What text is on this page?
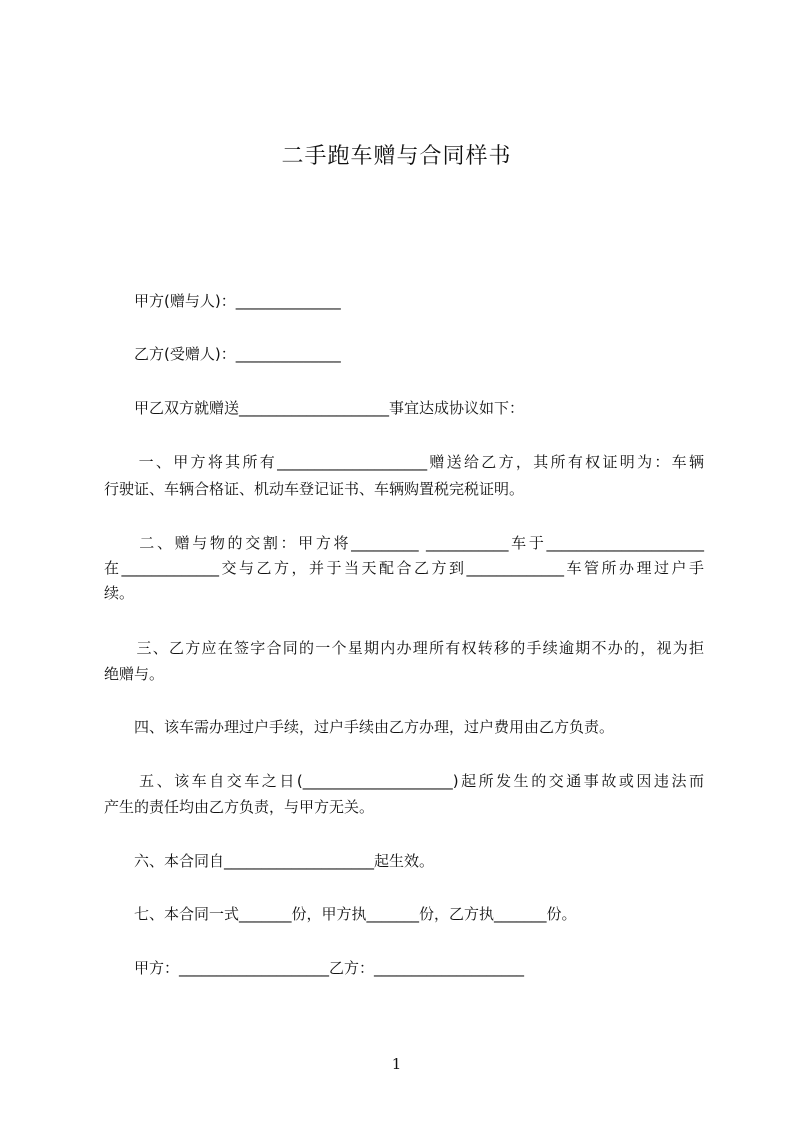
二手跑车赠与合同样书
　　甲方(赠与人)：______________
　　乙方(受赠人)：______________
　　甲乙双方就赠送____________________事宜达成协议如下：
　　一、甲方将其所有____________________赠送给乙方，其所有权证明为：车辆
行驶证、车辆合格证、机动车登记证书、车辆购置税完税证明。
　　二、赠与物的交割：甲方将_________ ___________车于_____________________
在_____________交与乙方，并于当天配合乙方到_____________车管所办理过户手
续。
　　三、乙方应在签字合同的一个星期内办理所有权转移的手续逾期不办的，视为拒
绝赠与。
　　四、该车需办理过户手续，过户手续由乙方办理，过户费用由乙方负责。
　　五、该车自交车之日(____________________)起所发生的交通事故或因违法而
产生的责任均由乙方负责，与甲方无关。
　　六、本合同自____________________起生效。
　　七、本合同一式_______份，甲方执_______份，乙方执_______份。
　　甲方：____________________乙方：____________________
1
